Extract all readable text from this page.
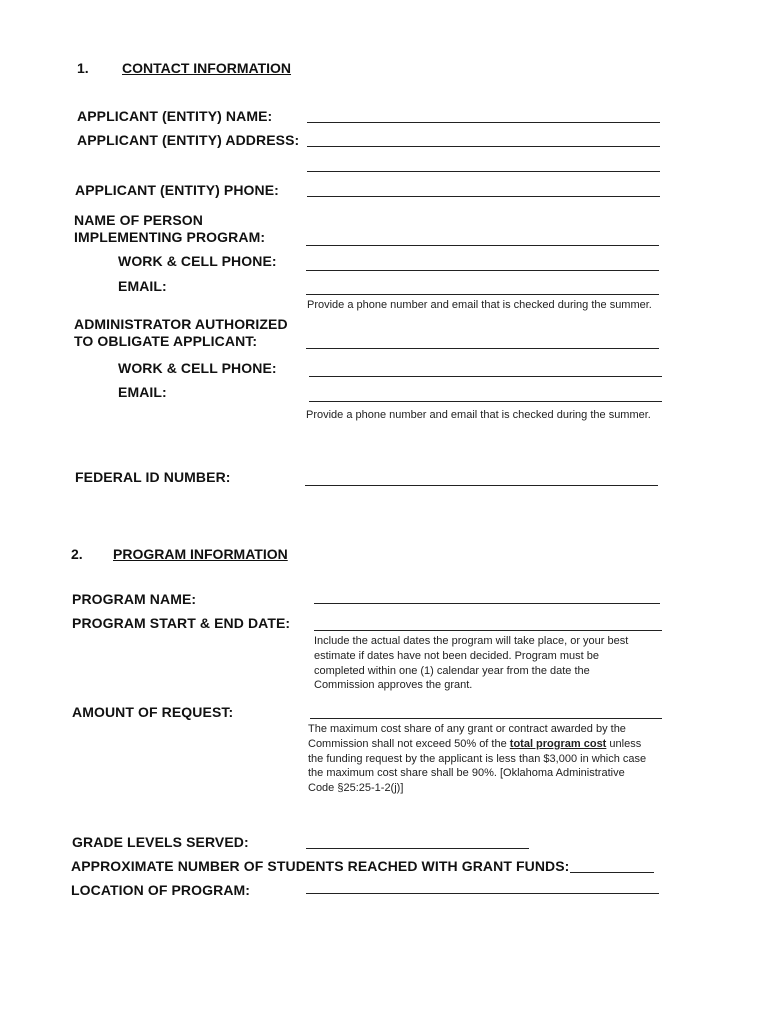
1. CONTACT INFORMATION
APPLICANT (ENTITY) NAME:
APPLICANT (ENTITY) ADDRESS:
APPLICANT (ENTITY) PHONE:
NAME OF PERSON
IMPLEMENTING PROGRAM:
WORK & CELL PHONE:
EMAIL:
Provide a phone number and email that is checked during the summer.
ADMINISTRATOR AUTHORIZED
TO OBLIGATE APPLICANT:
WORK & CELL PHONE:
EMAIL:
Provide a phone number and email that is checked during the summer.
FEDERAL ID NUMBER:
2. PROGRAM INFORMATION
PROGRAM NAME:
PROGRAM START & END DATE:
Include the actual dates the program will take place, or your best
estimate if dates have not been decided. Program must be
completed within one (1) calendar year from the date the
Commission approves the grant.
AMOUNT OF REQUEST:
The maximum cost share of any grant or contract awarded by the
Commission shall not exceed 50% of the total program cost unless
the funding request by the applicant is less than $3,000 in which case
the maximum cost share shall be 90%. [Oklahoma Administrative
Code §25:25-1-2(j)]
GRADE LEVELS SERVED:
APPROXIMATE NUMBER OF STUDENTS REACHED WITH GRANT FUNDS:
LOCATION OF PROGRAM:
